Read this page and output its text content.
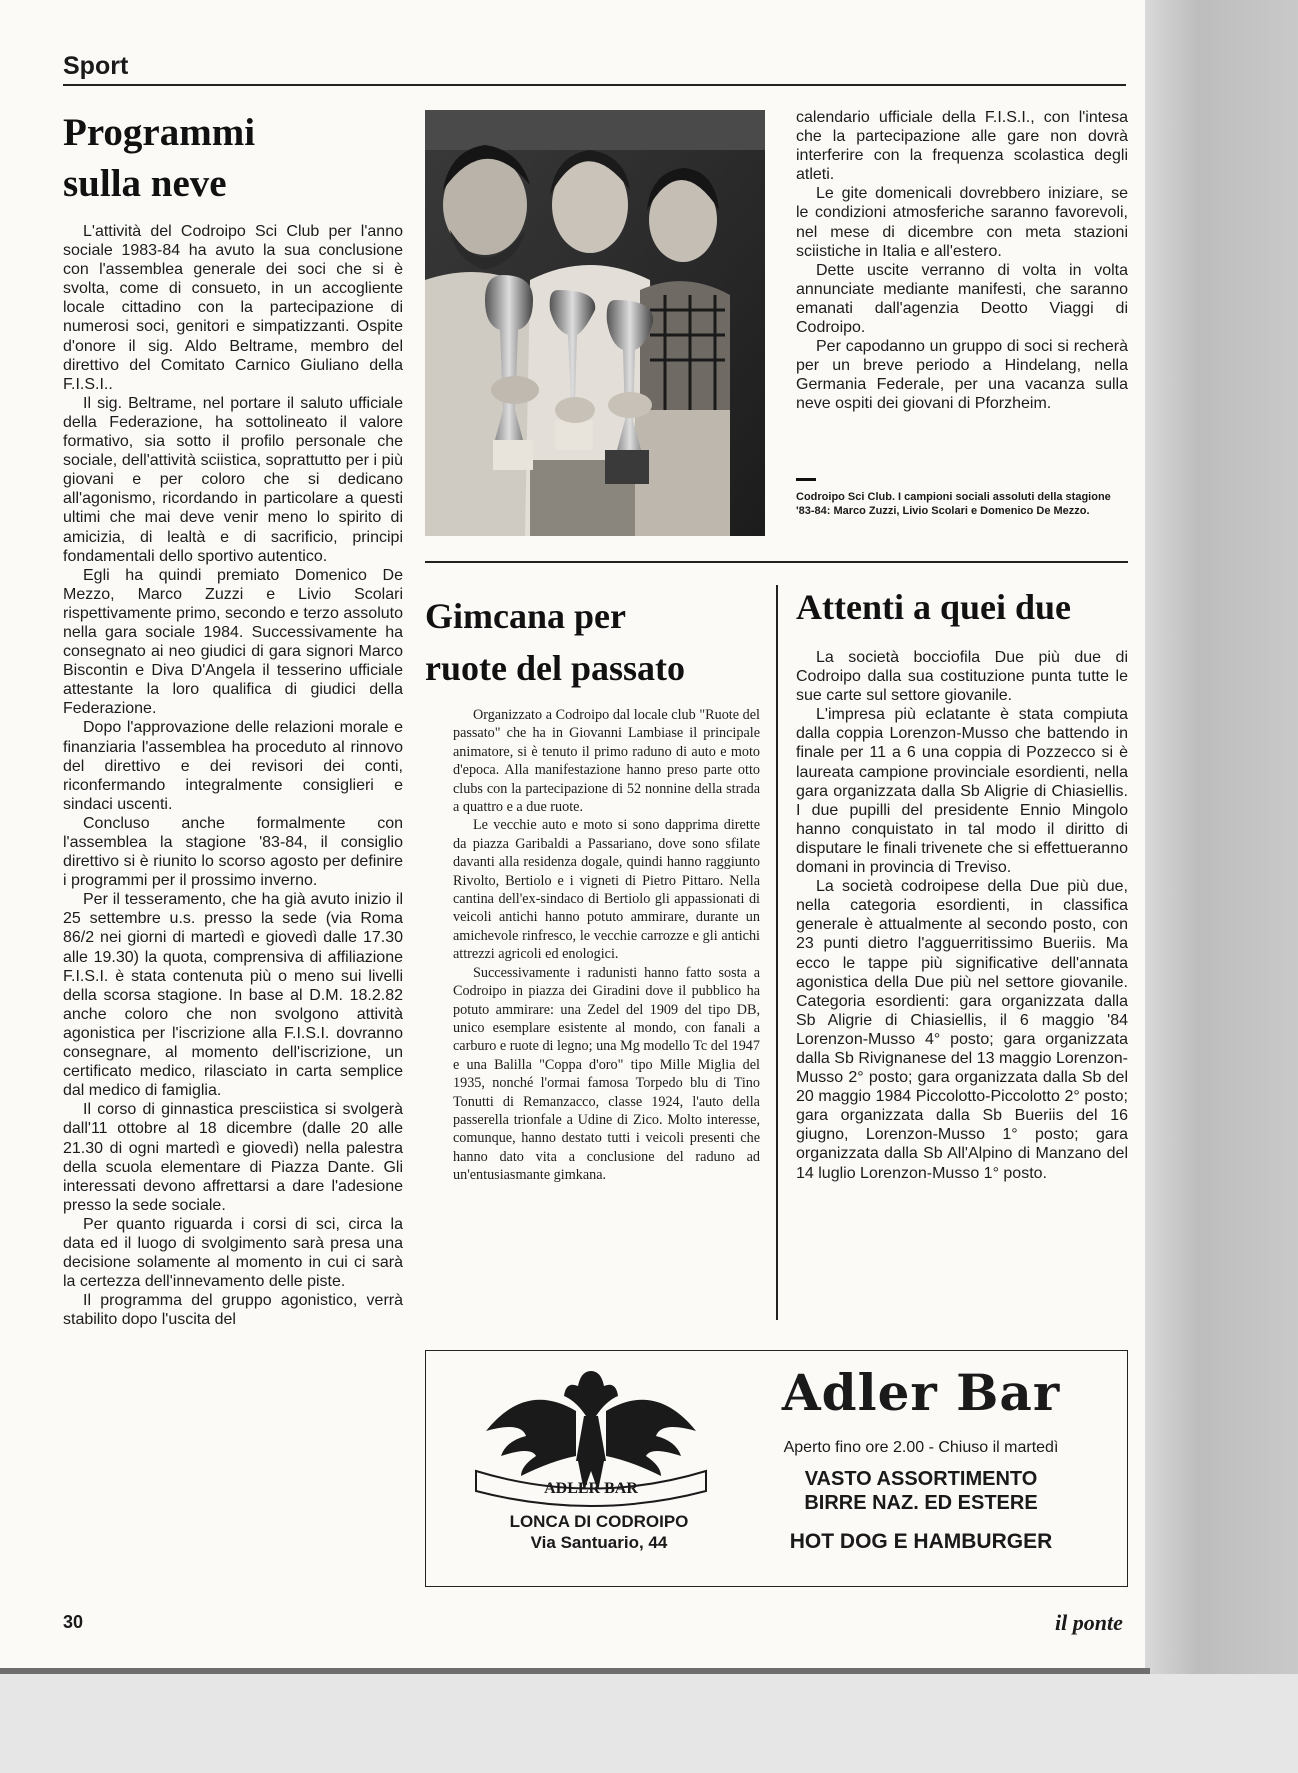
Sport
Programmi
sulla neve

L'attività del Codroipo Sci Club per l'anno sociale 1983-84 ha avuto la sua conclusione con l'assemblea generale dei soci che si è svolta, come di consueto, in un accogliente locale cittadino con la partecipazione di numerosi soci, genitori e simpatizzanti. Ospite d'onore il sig. Aldo Beltrame, membro del direttivo del Comitato Carnico Giuliano della F.I.S.I..

Il sig. Beltrame, nel portare il saluto ufficiale della Federazione, ha sottolineato il valore formativo, sia sotto il profilo personale che sociale, dell'attività sciistica, soprattutto per i più giovani e per coloro che si dedicano all'agonismo, ricordando in particolare a questi ultimi che mai deve venir meno lo spirito di amicizia, di lealtà e di sacrificio, principi fondamentali dello sportivo autentico.

Egli ha quindi premiato Domenico De Mezzo, Marco Zuzzi e Livio Scolari rispettivamente primo, secondo e terzo assoluto nella gara sociale 1984. Successivamente ha consegnato ai neo giudici di gara signori Marco Biscontin e Diva D'Angela il tesserino ufficiale attestante la loro qualifica di giudici della Federazione.

Dopo l'approvazione delle relazioni morale e finanziaria l'assemblea ha proceduto al rinnovo del direttivo e dei revisori dei conti, riconfermando integralmente consiglieri e sindaci uscenti.

Concluso anche formalmente con l'assemblea la stagione '83-84, il consiglio direttivo si è riunito lo scorso agosto per definire i programmi per il prossimo inverno.

Per il tesseramento, che ha già avuto inizio il 25 settembre u.s. presso la sede (via Roma 86/2 nei giorni di martedì e giovedì dalle 17.30 alle 19.30) la quota, comprensiva di affiliazione F.I.S.I. è stata contenuta più o meno sui livelli della scorsa stagione. In base al D.M. 18.2.82 anche coloro che non svolgono attività agonistica per l'iscrizione alla F.I.S.I. dovranno consegnare, al momento dell'iscrizione, un certificato medico, rilasciato in carta semplice dal medico di famiglia.

Il corso di ginnastica presciistica si svolgerà dall'11 ottobre al 18 dicembre (dalle 20 alle 21.30 di ogni martedì e giovedì) nella palestra della scuola elementare di Piazza Dante. Gli interessati devono affrettarsi a dare l'adesione presso la sede sociale.

Per quanto riguarda i corsi di sci, circa la data ed il luogo di svolgimento sarà presa una decisione solamente al momento in cui ci sarà la certezza dell'innevamento delle piste.

Il programma del gruppo agonistico, verrà stabilito dopo l'uscita del

calendario ufficiale della F.I.S.I., con l'intesa che la partecipazione alle gare non dovrà interferire con la frequenza scolastica degli atleti.

Le gite domenicali dovrebbero iniziare, se le condizioni atmosferiche saranno favorevoli, nel mese di dicembre con meta stazioni sciistiche in Italia e all'estero.

Dette uscite verranno di volta in volta annunciate mediante manifesti, che saranno emanati dall'agenzia Deotto Viaggi di Codroipo.

Per capodanno un gruppo di soci si recherà per un breve periodo a Hindelang, nella Germania Federale, per una vacanza sulla neve ospiti dei giovani di Pforzheim.

Codroipo Sci Club. I campioni sociali assoluti della stagione '83-84: Marco Zuzzi, Livio Scolari e Domenico De Mezzo.
Gimcana per
ruote del passato

Organizzato a Codroipo dal locale club "Ruote del passato" che ha in Giovanni Lambiase il principale animatore, si è tenuto il primo raduno di auto e moto d'epoca. Alla manifestazione hanno preso parte otto clubs con la partecipazione di 52 nonnine della strada a quattro e a due ruote.

Le vecchie auto e moto si sono dapprima dirette da piazza Garibaldi a Passariano, dove sono sfilate davanti alla residenza dogale, quindi hanno raggiunto Rivolto, Bertiolo e i vigneti di Pietro Pittaro. Nella cantina dell'ex-sindaco di Bertiolo gli appassionati di veicoli antichi hanno potuto ammirare, durante un amichevole rinfresco, le vecchie carrozze e gli antichi attrezzi agricoli ed enologici.

Successivamente i radunisti hanno fatto sosta a Codroipo in piazza dei Giradini dove il pubblico ha potuto ammirare: una Zedel del 1909 del tipo DB, unico esemplare esistente al mondo, con fanali a carburo e ruote di legno; una Mg modello Tc del 1947 e una Balilla "Coppa d'oro" tipo Mille Miglia del 1935, nonché l'ormai famosa Torpedo blu di Tino Tonutti di Remanzacco, classe 1924, l'auto della passerella trionfale a Udine di Zico. Molto interesse, comunque, hanno destato tutti i veicoli presenti che hanno dato vita a conclusione del raduno ad un'entusiasmante gimkana.

Attenti a quei due

La società bocciofila Due più due di Codroipo dalla sua costituzione punta tutte le sue carte sul settore giovanile.

L'impresa più eclatante è stata compiuta dalla coppia Lorenzon-Musso che battendo in finale per 11 a 6 una coppia di Pozzecco si è laureata campione provinciale esordienti, nella gara organizzata dalla Sb Aligrie di Chiasiellis. I due pupilli del presidente Ennio Mingolo hanno conquistato in tal modo il diritto di disputare le finali trivenete che si effettueranno domani in provincia di Treviso.

La società codroipese della Due più due, nella categoria esordienti, in classifica generale è attualmente al secondo posto, con 23 punti dietro l'agguerritissimo Bueriis. Ma ecco le tappe più significative dell'annata agonistica della Due più nel settore giovanile. Categoria esordienti: gara organizzata dalla Sb Aligrie di Chiasiellis, il 6 maggio '84 Lorenzon-Musso 4° posto; gara organizzata dalla Sb Rivignanese del 13 maggio Lorenzon-Musso 2° posto; gara organizzata dalla Sb del 20 maggio 1984 Piccolotto-Piccolotto 2° posto; gara organizzata dalla Sb Bueriis del 16 giugno, Lorenzon-Musso 1° posto; gara organizzata dalla Sb All'Alpino di Manzano del 14 luglio Lorenzon-Musso 1° posto.

ADLER BAR
LONCA DI CODROIPO
Via Santuario, 44
Adler Bar
Aperto fino ore 2.00 - Chiuso il martedì
VASTO ASSORTIMENTO
BIRRE NAZ. ED ESTERE
HOT DOG E HAMBURGER
30	il ponte
